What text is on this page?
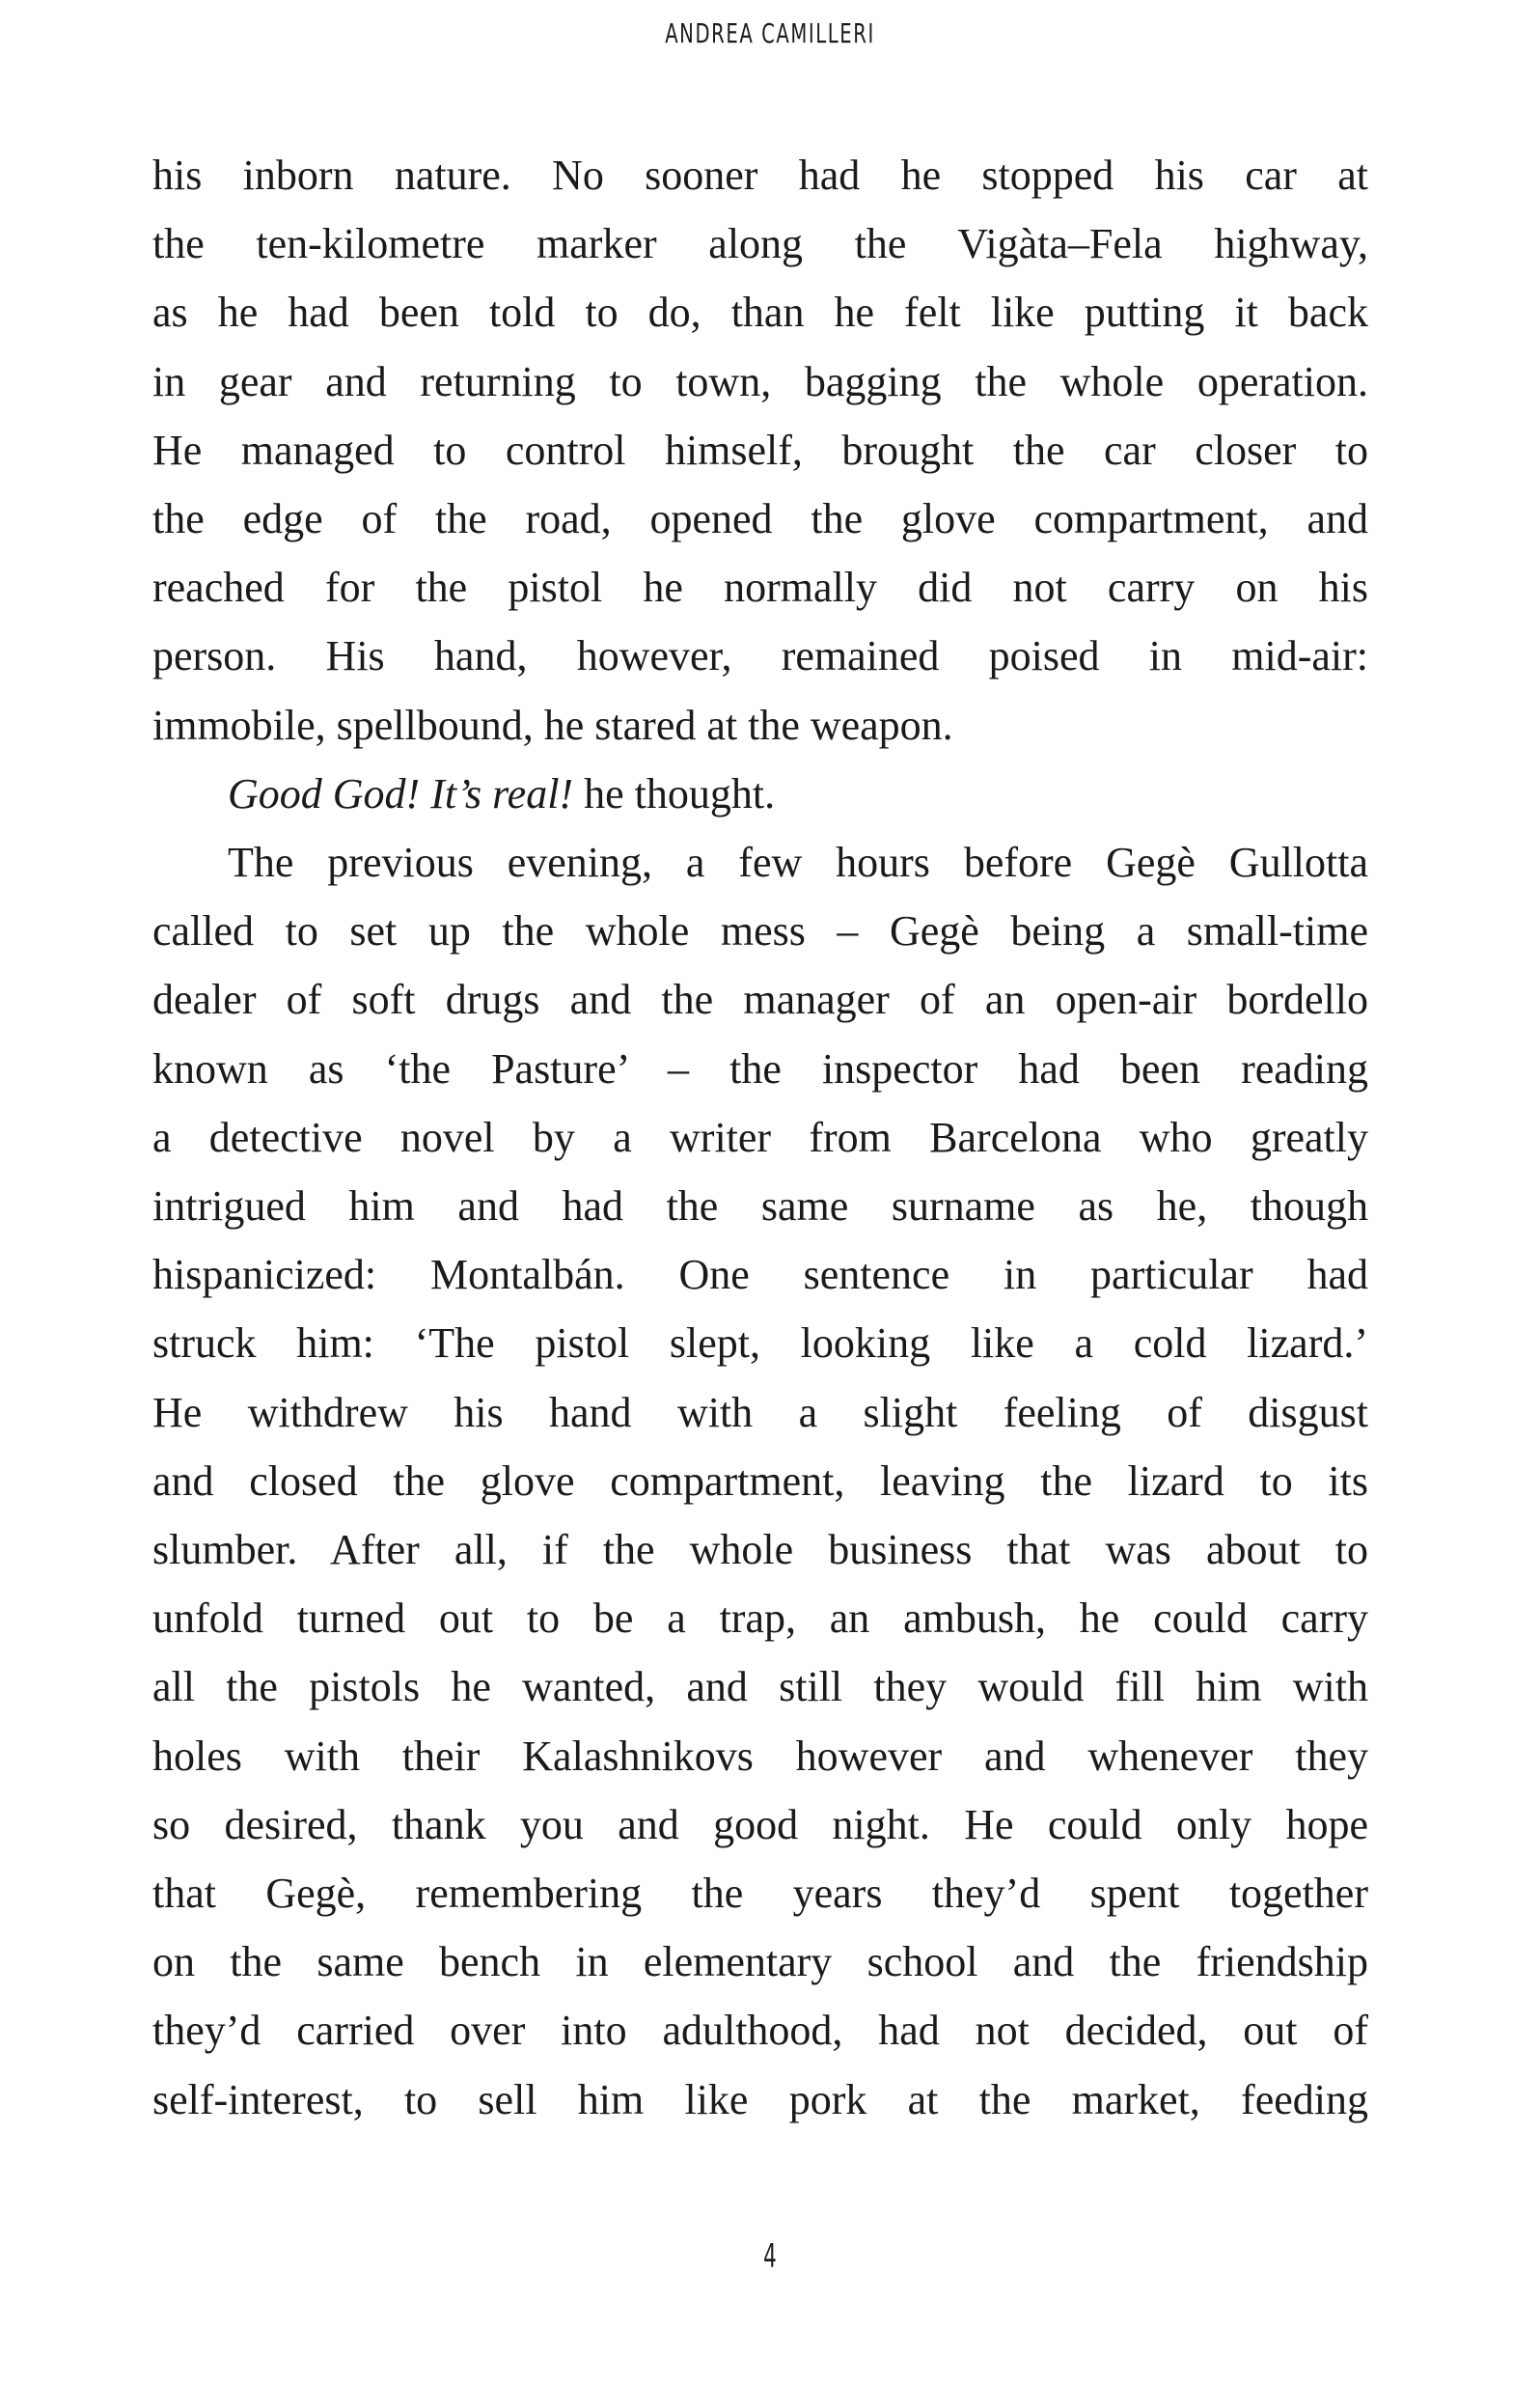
ANDREA CAMILLERI

his inborn nature. No sooner had he stopped his car at
the ten-kilometre marker along the Vigàta–Fela highway,
as he had been told to do, than he felt like putting it back
in gear and returning to town, bagging the whole operation.
He managed to control himself, brought the car closer to
the edge of the road, opened the glove compartment, and
reached for the pistol he normally did not carry on his
person. His hand, however, remained poised in mid-air:
immobile, spellbound, he stared at the weapon.

Good God! It’s real! he thought.

The previous evening, a few hours before Gegè Gullotta
called to set up the whole mess – Gegè being a small-time
dealer of soft drugs and the manager of an open-air bordello
known as ‘the Pasture’ – the inspector had been reading
a detective novel by a writer from Barcelona who greatly
intrigued him and had the same surname as he, though
hispanicized: Montalbán. One sentence in particular had
struck him: ‘The pistol slept, looking like a cold lizard.’
He withdrew his hand with a slight feeling of disgust
and closed the glove compartment, leaving the lizard to its
slumber. After all, if the whole business that was about to
unfold turned out to be a trap, an ambush, he could carry
all the pistols he wanted, and still they would fill him with
holes with their Kalashnikovs however and whenever they
so desired, thank you and good night. He could only hope
that Gegè, remembering the years they’d spent together
on the same bench in elementary school and the friendship
they’d carried over into adulthood, had not decided, out of
self-interest, to sell him like pork at the market, feeding

4
